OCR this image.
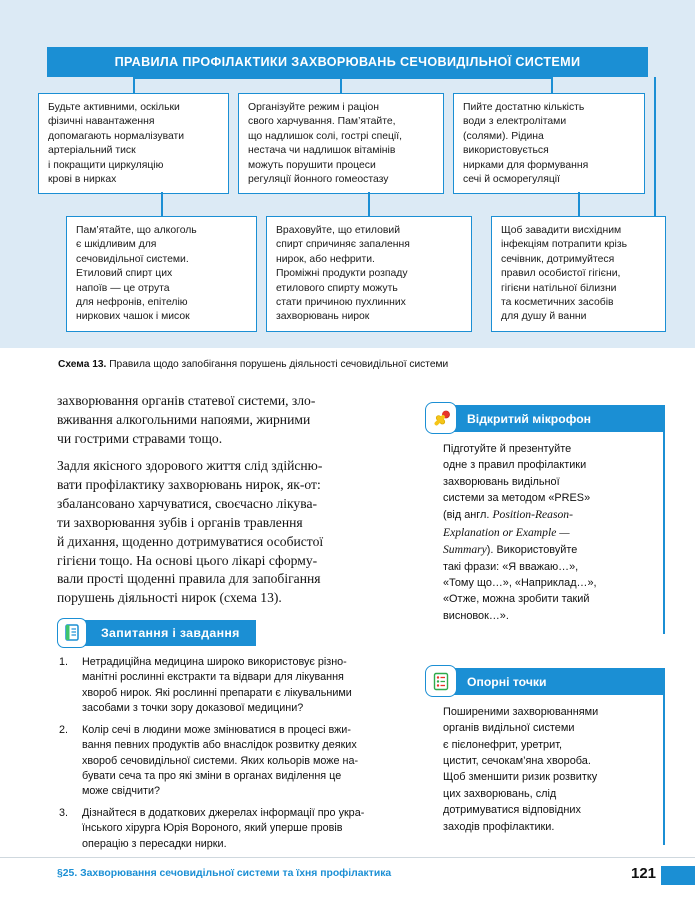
ПРАВИЛА ПРОФІЛАКТИКИ ЗАХВОРЮВАНЬ СЕЧОВИДІЛЬНОЇ СИСТЕМИ
Будьте активними, оскільки
фізичні навантаження
допомагають нормалізувати
артеріальний тиск
і покращити циркуляцію
крові в нирках
Організуйте режим і раціон
свого харчування. Пам’ятайте,
що надлишок солі, гострі спеції,
нестача чи надлишок вітамінів
можуть порушити процеси
регуляції йонного гомеостазу
Пийте достатню кількість
води з електролітами
(солями). Рідина
використовується
нирками для формування
сечі й осморегуляції
Пам’ятайте, що алкоголь
є шкідливим для
сечовидільної системи.
Етиловий спирт цих
напоїв — це отрута
для нефронів, епітелію
ниркових чашок і мисок
Враховуйте, що етиловий
спирт спричиняє запалення
нирок, або нефрити.
Проміжні продукти розпаду
етилового спирту можуть
стати причиною пухлинних
захворювань нирок
Щоб завадити висхідним
інфекціям потрапити крізь
сечівник, дотримуйтеся
правил особистої гігієни,
гігієни натільної білизни
та косметичних засобів
для душу й ванни
Схема 13. Правила щодо запобігання порушень діяльності сечовидільної системи
захворювання органів статевої системи, зло-
вживання алкогольними напоями, жирними
чи гострими стравами тощо.
Задля якісного здорового життя слід здійсню-
вати профілактику захворювань нирок, як-от:
збалансовано харчуватися, своєчасно лікува-
ти захворювання зубів і органів травлення
й дихання, щоденно дотримуватися особистої
гігієни тощо. На основі цього лікарі сформу-
вали прості щоденні правила для запобігання
порушень діяльності нирок (схема 13).
Запитання і завдання
1. Нетрадиційна медицина широко використовує різно-
манітні рослинні екстракти та відвари для лікування
хвороб нирок. Які рослинні препарати є лікувальними
засобами з точки зору доказової медицини?
2. Колір сечі в людини може змінюватися в процесі вжи-
вання певних продуктів або внаслідок розвитку деяких
хвороб сечовидільної системи. Яких кольорів може на-
бувати сеча та про які зміни в органах виділення це
може свідчити?
3. Дізнайтеся в додаткових джерелах інформації про укра-
їнського хірурга Юрія Вороного, який уперше провів
операцію з пересадки нирки.
Відкритий мікрофон
Підготуйте й презентуйте
одне з правил профілактики
захворювань видільної
системи за методом «PRES»
(від англ. Position-Reason-
Explanation or Example —
Summary). Використовуйте
такі фрази: «Я вважаю…»,
«Тому що…», «Наприклад…»,
«Отже, можна зробити такий
висновок…».
Опорні точки
Поширеними захворюваннями
органів видільної системи
є пієлонефрит, уретрит,
цистит, сечокам’яна хвороба.
Щоб зменшити ризик розвитку
цих захворювань, слід
дотримуватися відповідних
заходів профілактики.
§25. Захворювання сечовидільної системи та їхня профілактика	121
